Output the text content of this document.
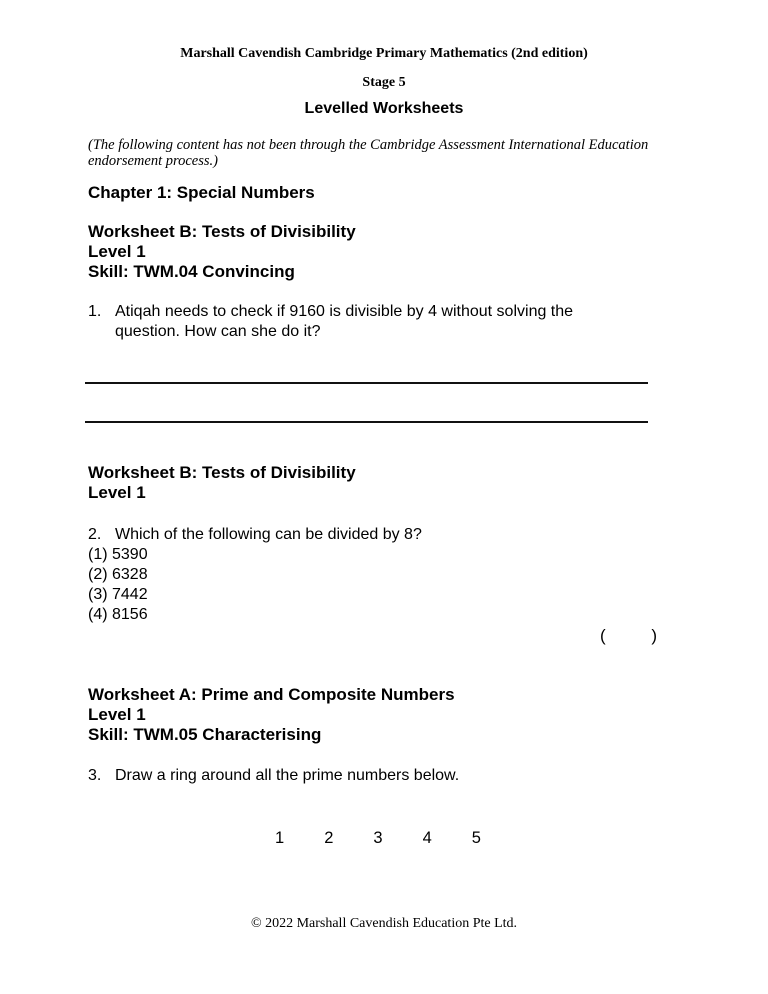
Marshall Cavendish Cambridge Primary Mathematics (2nd edition)
Stage 5
Levelled Worksheets
(The following content has not been through the Cambridge Assessment International Education endorsement process.)
Chapter 1: Special Numbers
Worksheet B: Tests of Divisibility
Level 1
Skill: TWM.04 Convincing
1. Atiqah needs to check if 9160 is divisible by 4 without solving the question. How can she do it?
Worksheet B: Tests of Divisibility
Level 1
2. Which of the following can be divided by 8?
(1) 5390
(2) 6328
(3) 7442
(4) 8156
(	)
Worksheet A: Prime and Composite Numbers
Level 1
Skill: TWM.05 Characterising
3. Draw a ring around all the prime numbers below.
1 2 3 4 5
© 2022 Marshall Cavendish Education Pte Ltd.
